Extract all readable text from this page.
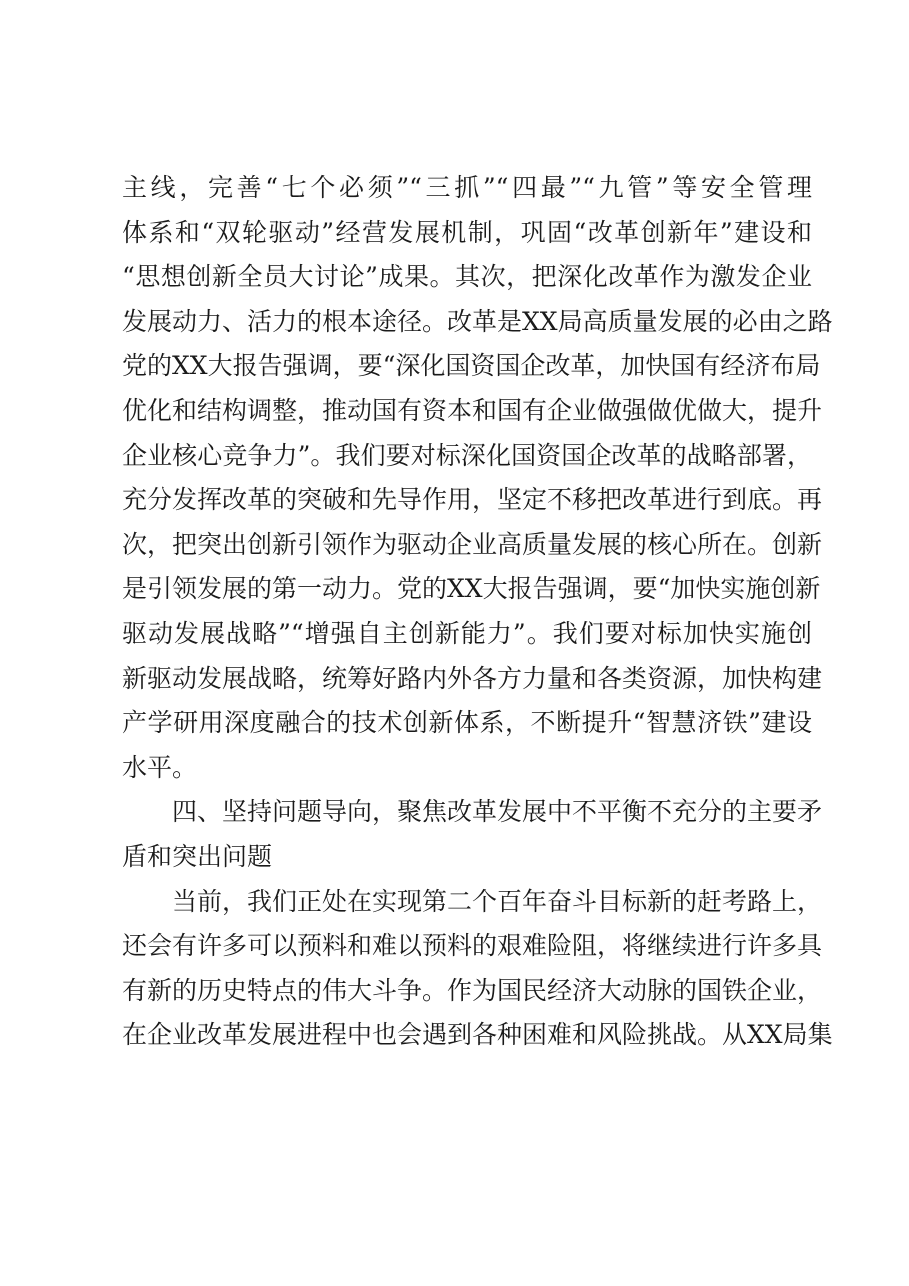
主线，完善“七个必须”“三抓”“四最”“九管”等安全管理
体系和“双轮驱动”经营发展机制，巩固“改革创新年”建设和
“思想创新全员大讨论”成果。其次，把深化改革作为激发企业
发展动力、活力的根本途径。改革是XX局高质量发展的必由之路
党的XX大报告强调，要“深化国资国企改革，加快国有经济布局
优化和结构调整，推动国有资本和国有企业做强做优做大，提升
企业核心竞争力”。我们要对标深化国资国企改革的战略部署，
充分发挥改革的突破和先导作用，坚定不移把改革进行到底。再
次，把突出创新引领作为驱动企业高质量发展的核心所在。创新
是引领发展的第一动力。党的XX大报告强调，要“加快实施创新
驱动发展战略”“增强自主创新能力”。我们要对标加快实施创
新驱动发展战略，统筹好路内外各方力量和各类资源，加快构建
产学研用深度融合的技术创新体系，不断提升“智慧济铁”建设
水平。
四、坚持问题导向，聚焦改革发展中不平衡不充分的主要矛
盾和突出问题
当前，我们正处在实现第二个百年奋斗目标新的赶考路上，
还会有许多可以预料和难以预料的艰难险阻，将继续进行许多具
有新的历史特点的伟大斗争。作为国民经济大动脉的国铁企业，
在企业改革发展进程中也会遇到各种困难和风险挑战。从XX局集
